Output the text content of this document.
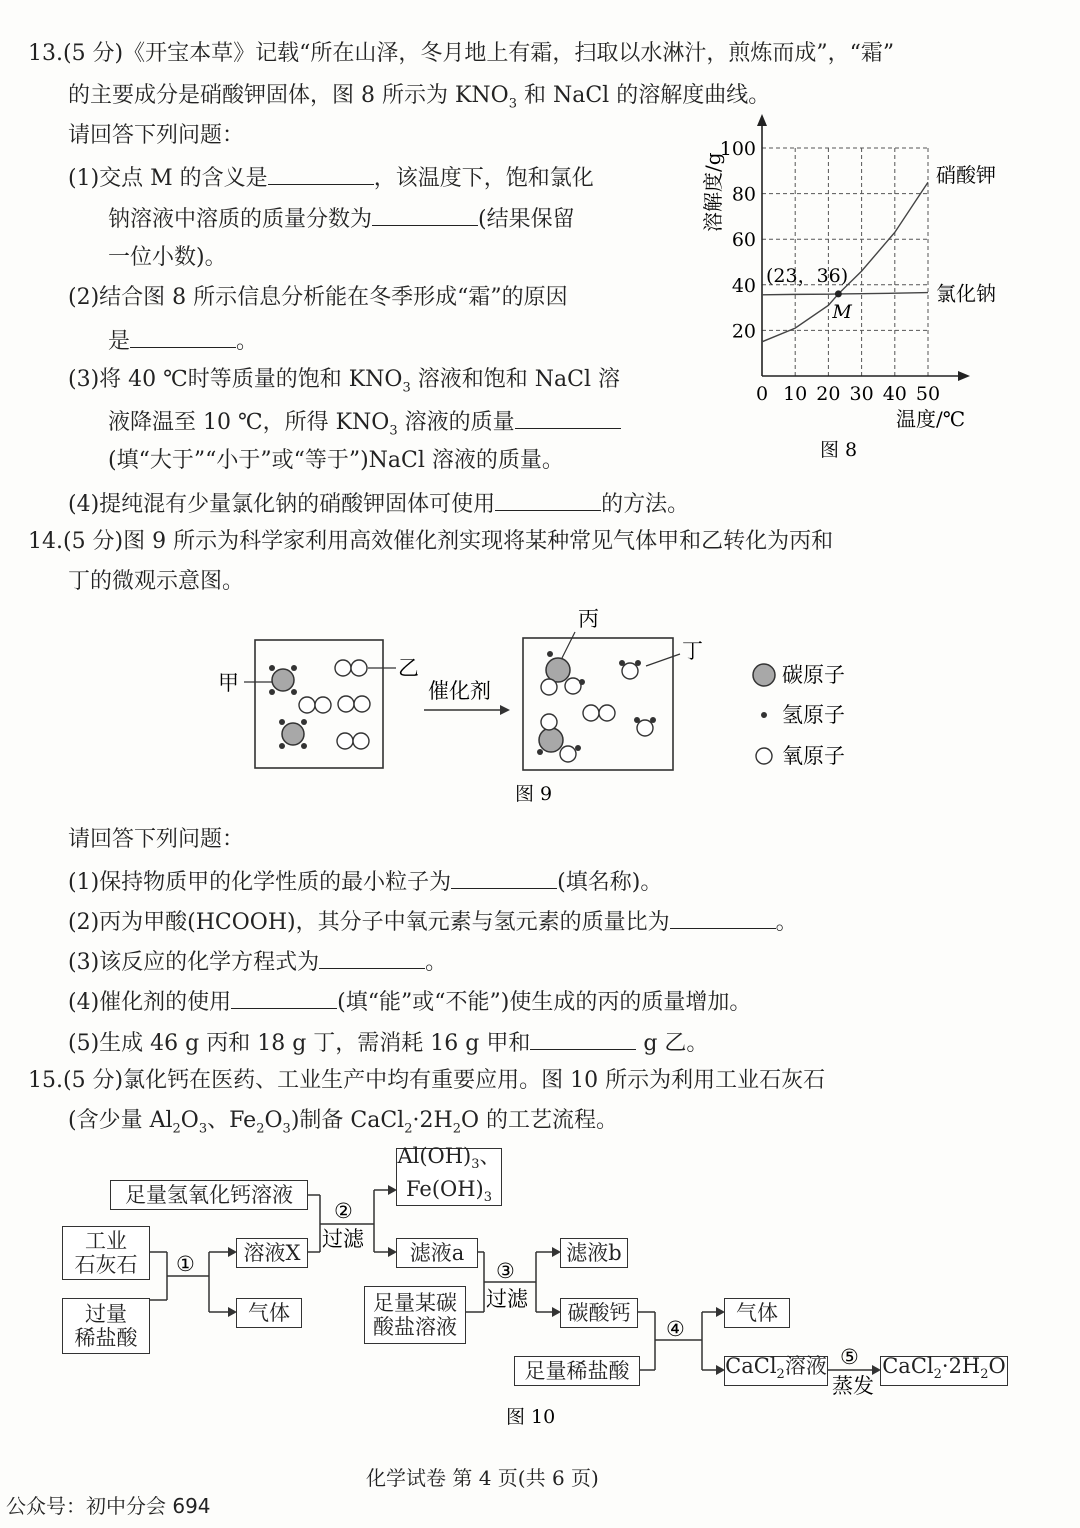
13.(5 分)《开宝本草》记载“所在山泽，冬月地上有霜，扫取以水淋汁，煎炼而成”，“霜”
的主要成分是硝酸钾固体，图 8 所示为 $KNO_3$ 和 NaCl 的溶解度曲线。
请回答下列问题：
(1)交点 M 的含义是	，该温度下，饱和氯化
钠溶液中溶质的质量分数为	(结果保留
一位小数)。
(2)结合图 8 所示信息分析能在冬季形成“霜”的原因
是	。
(3)将 40 ℃时等质量的饱和 $KNO_3$ 溶液和饱和 NaCl 溶
液降温至 10 ℃，所得 $KNO_3$ 溶液的质量
(填“大于”“小于”或“等于”)NaCl 溶液的质量。
(4)提纯混有少量氯化钠的硝酸钾固体可使用	的方法。
0 10 20 30 40 50
20
40
60
80
100
硝酸钾
氯化钠
M
(23，36)
温度/℃
溶解度/g
图 8
14.(5 分)图 9 所示为科学家利用高效催化剂实现将某种常见气体甲和乙转化为丙和
丁的微观示意图。
甲
乙
催化剂
丙
丁
碳原子
氢原子
氧原子
图 9
请回答下列问题：
(1)保持物质甲的化学性质的最小粒子为	(填名称)。
(2)丙为甲酸(HCOOH)，其分子中氧元素与氢元素的质量比为	。
(3)该反应的化学方程式为	。
(4)催化剂的使用	(填“能”或“不能”)使生成的丙的质量增加。
(5)生成 46 g 丙和 18 g 丁，需消耗 16 g 甲和	g 乙。
15.(5 分)氯化钙在医药、工业生产中均有重要应用。图 10 所示为利用工业石灰石
(含少量 $Al_2O_3$、$Fe_2O_3$)制备 $CaCl_2\cdot 2H_2O$ 的工艺流程。
①
②
过滤
③
过滤
④
⑤
蒸发
图 10
工业
石灰石
过量
稀盐酸
溶液X
气体
足量氢氧化钙溶液
$Al(OH)_3$、
$Fe(OH)_3$
滤液a
足量某碳
酸盐溶液
滤液b
碳酸钙
足量稀盐酸
气体
CaCl$_2$溶液	$CaCl_2\cdot 2H_2O$
化学试卷 第 4 页(共 6 页)
公众号：初中分会 694
